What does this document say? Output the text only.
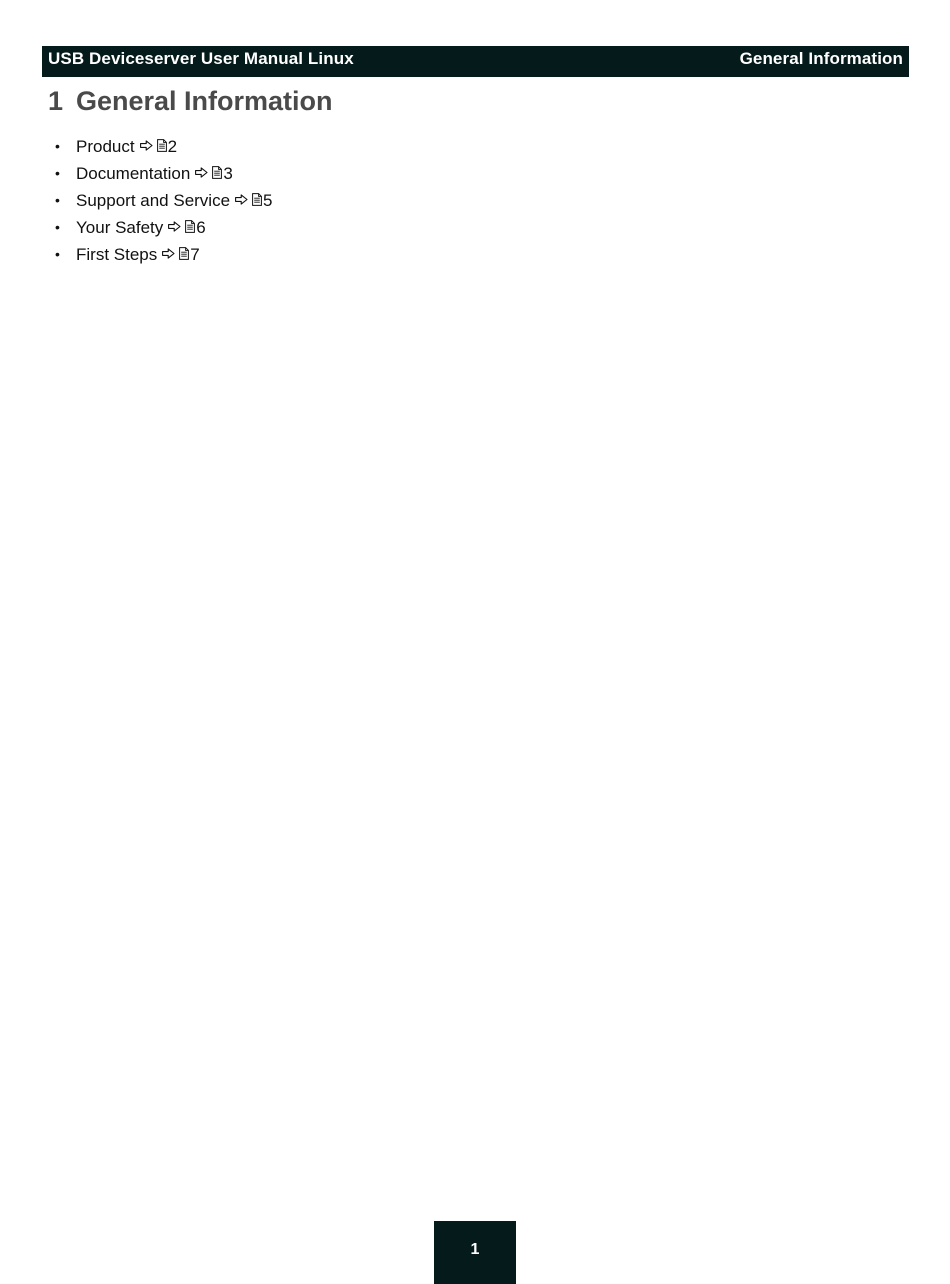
USB Deviceserver User Manual Linux	General Information
1 General Information
• Product 2
• Documentation 3
• Support and Service 5
• Your Safety 6
• First Steps 7
1
